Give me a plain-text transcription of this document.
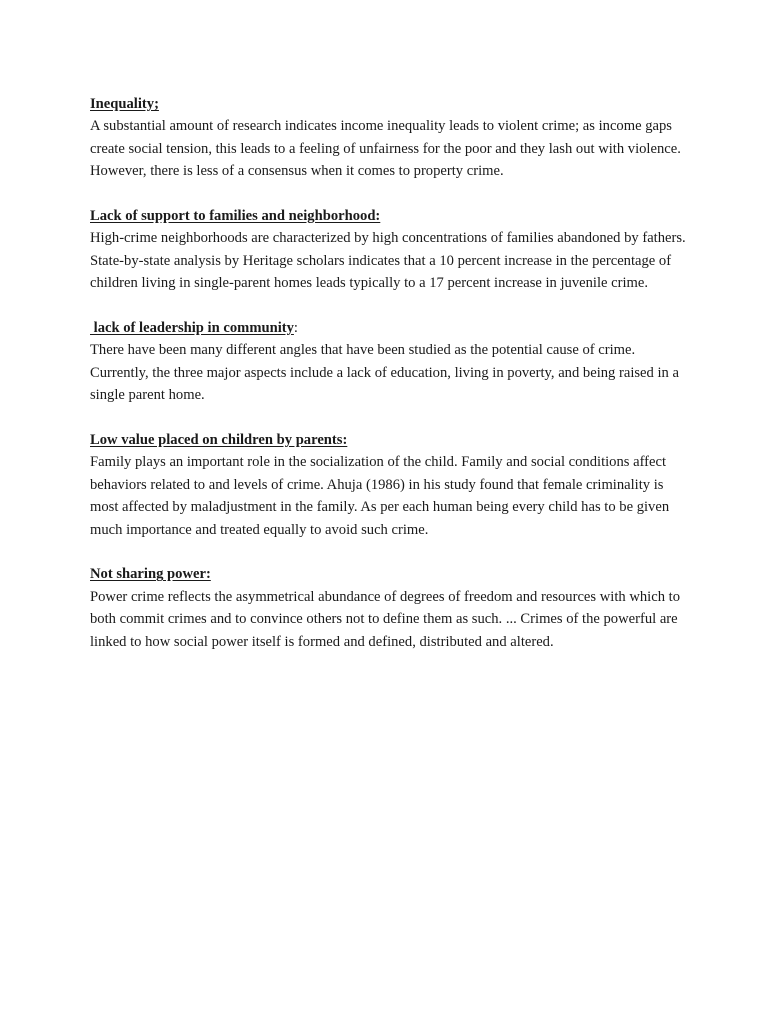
Inequality;

A substantial amount of research indicates income inequality leads to violent crime; as income gaps create social tension, this leads to a feeling of unfairness for the poor and they lash out with violence. However, there is less of a consensus when it comes to property crime.

Lack of support to families and neighborhood:

High-crime neighborhoods are characterized by high concentrations of families abandoned by fathers. State-by-state analysis by Heritage scholars indicates that a 10 percent increase in the percentage of children living in single-parent homes leads typically to a 17 percent increase in juvenile crime.

lack of leadership in community:

There have been many different angles that have been studied as the potential cause of crime. Currently, the three major aspects include a lack of education, living in poverty, and being raised in a single parent home.

Low value placed on children by parents:

Family plays an important role in the socialization of the child. Family and social conditions affect behaviors related to and levels of crime. Ahuja (1986) in his study found that female criminality is most affected by maladjustment in the family. As per each human being every child has to be given much importance and treated equally to avoid such crime.

Not sharing power:

Power crime reflects the asymmetrical abundance of degrees of freedom and resources with which to both commit crimes and to convince others not to define them as such. ... Crimes of the powerful are linked to how social power itself is formed and defined, distributed and altered.
